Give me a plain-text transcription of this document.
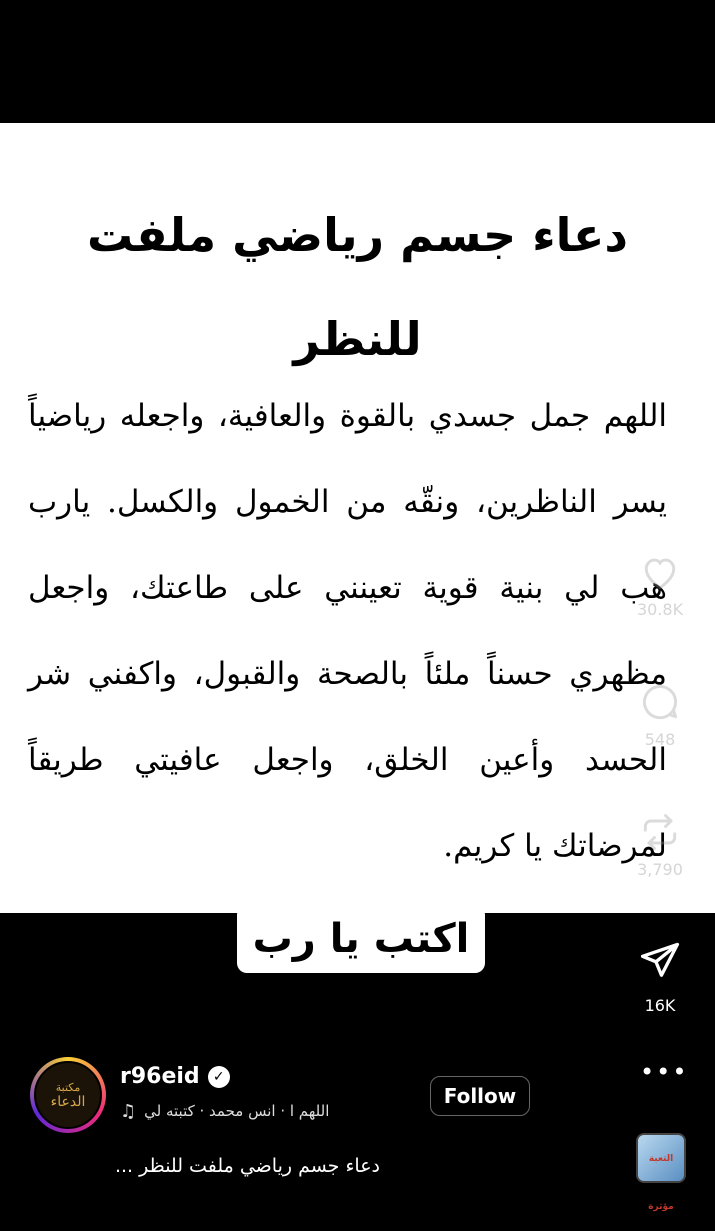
دعاء جسم رياضي ملفت للنظر

اللهم جمل جسدي بالقوة والعافية، واجعله رياضياً يسر الناظرين، ونقّه من الخمول والكسل. يارب هب لي بنية قوية تعينني على طاعتك، واجعل مظهري حسناً ملئاً بالصحة والقبول، واكفني شر الحسد وأعين الخلق، واجعل عافيتي طريقاً لمرضاتك يا كريم.

اكتب يا رب
30.8K
548
3,790
16K
مكتبة
الدعاء
r96eid ✓
♫ اللهم ا · انس محمد · كتبته لي
Follow
•••
التعبة مؤثرة
دعاء جسم رياضي ملفت للنظر ...
